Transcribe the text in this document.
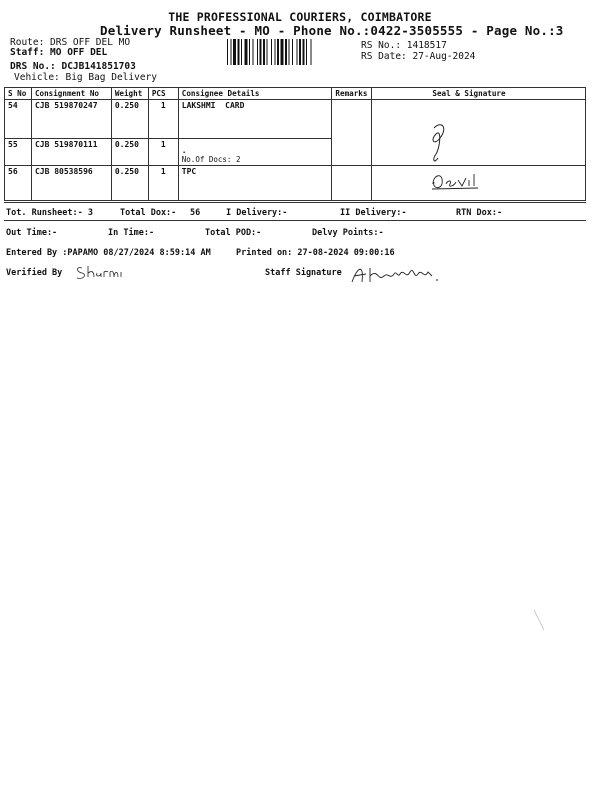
THE PROFESSIONAL COURIERS, COIMBATORE
Delivery Runsheet - MO - Phone No.:0422-3505555 - Page No.:3
Route: DRS OFF DEL MO
Staff: MO OFF DEL
DRS No.: DCJB141851703
Vehicle: Big Bag Delivery
RS No.: 1418517
RS Date: 27-Aug-2024
S No	Consignment No	Weight	PCS	Consignee Details	Remarks	Seal & Signature
54	CJB 519870247	0.250	1	LAKSHMI  CARD		

55	CJB 519870111	0.250	1	.
No.Of Docs: 2		

56	CJB 80538596	0.250	1	TPC		
Tot. Runsheet:- 3	Total Dox:- 56	I Delivery:-	II Delivery:-	RTN Dox:-
Out Time:-	In Time:-	Total POD:-	Delvy Points:-
Entered By :PAPAMO 08/27/2024 8:59:14 AM	Printed on: 27-08-2024 09:00:16
Verified By	Staff Signature
